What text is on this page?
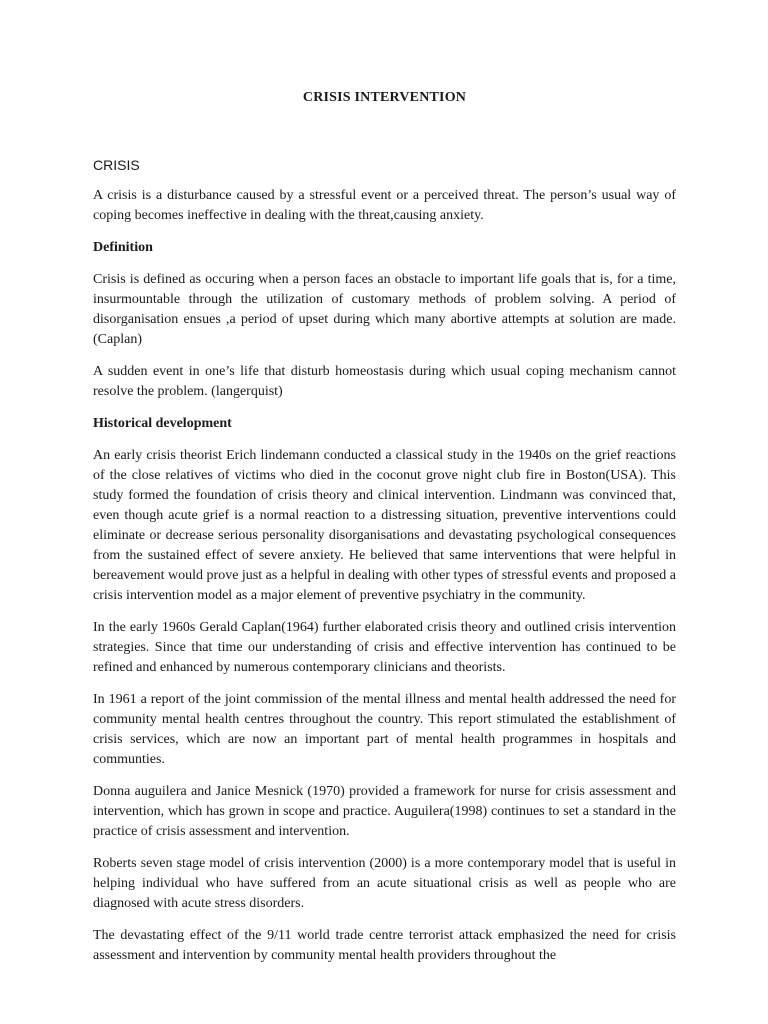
CRISIS INTERVENTION
CRISIS

A crisis is a disturbance caused by a stressful event or a perceived threat. The person’s usual way of coping becomes ineffective in dealing with the threat,causing anxiety.

Definition

Crisis is defined as occuring when a person faces an obstacle to important life goals that is, for a time, insurmountable through the utilization of customary methods of problem solving. A period of disorganisation ensues ,a period of upset during which many abortive attempts at solution are made. (Caplan)

A sudden event in one’s life that disturb homeostasis during which usual coping mechanism cannot resolve the problem. (langerquist)

Historical development

An early crisis theorist Erich lindemann conducted a classical study in the 1940s on the grief reactions of the close relatives of victims who died in the coconut grove night club fire in Boston(USA). This study formed the foundation of crisis theory and clinical intervention. Lindmann was convinced that, even though acute grief is a normal reaction to a distressing situation, preventive interventions could eliminate or decrease serious personality disorganisations and devastating psychological consequences from the sustained effect of severe anxiety. He believed that same interventions that were helpful in bereavement would prove just as a helpful in dealing with other types of stressful events and proposed a crisis intervention model as a major element of preventive psychiatry in the community.

In the early 1960s Gerald Caplan(1964) further elaborated crisis theory and outlined crisis intervention strategies. Since that time our understanding of crisis and effective intervention has continued to be refined and enhanced by numerous contemporary clinicians and theorists.

In 1961 a report of the joint commission of the mental illness and mental health addressed the need for community mental health centres throughout the country. This report stimulated the establishment of crisis services, which are now an important part of mental health programmes in hospitals and communties.

Donna auguilera and Janice Mesnick (1970) provided a framework for nurse for crisis assessment and intervention, which has grown in scope and practice. Auguilera(1998) continues to set a standard in the practice of crisis assessment and intervention.

Roberts seven stage model of crisis intervention (2000) is a more contemporary model that is useful in helping individual who have suffered from an acute situational crisis as well as people who are diagnosed with acute stress disorders.

The devastating effect of the 9/11 world trade centre terrorist attack emphasized the need for crisis assessment and intervention by community mental health providers throughout the
